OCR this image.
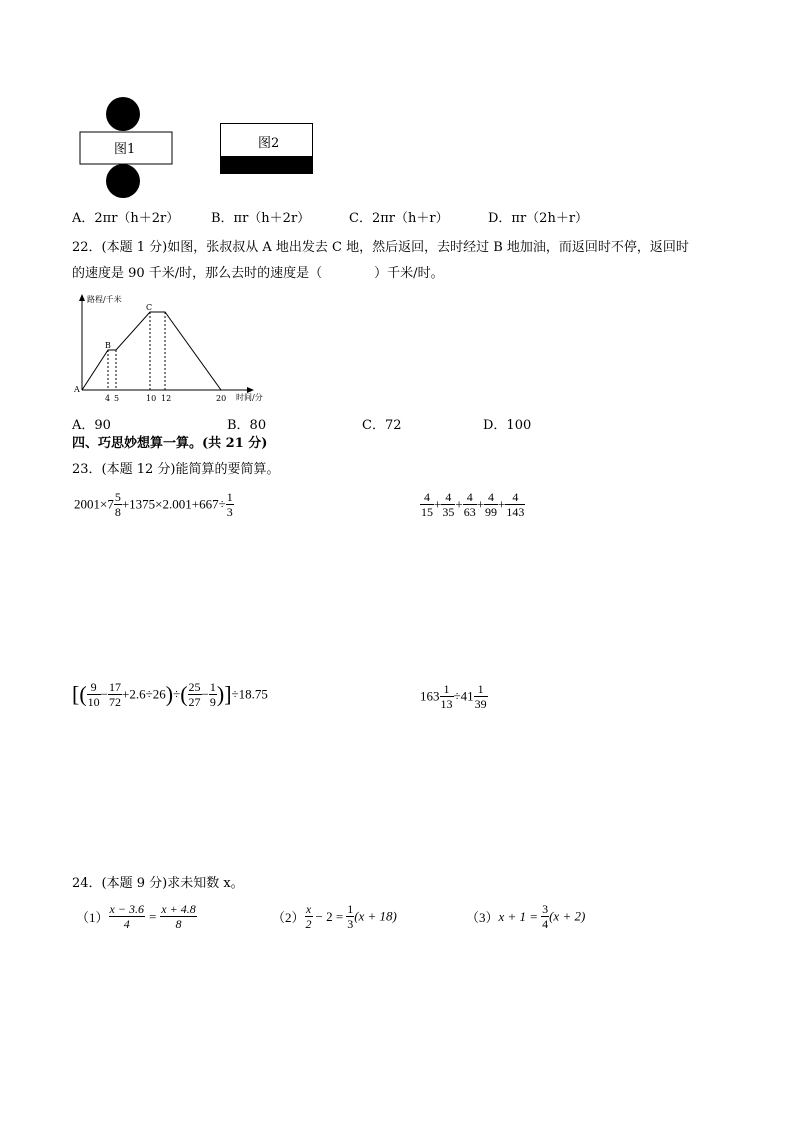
图1	图2
A．2πr（h＋2r） B．πr（h＋2r）	C．2πr（h＋r）	D．πr（2h＋r）
22．(本题 1 分)如图，张叔叔从 A 地出发去 C 地，然后返回，去时经过 B 地加油，而返回时不停，返回时
的速度是 90 千米/时，那么去时的速度是（　　　　）千米/时。
路程/千米
时间/分
A
B
C
4 5	10 12	20
A．90	B．80	C．72	D．100
四、巧思妙想算一算。(共 21 分)
23．(本题 12 分)能简算的要简算。
$2001\times 7 \frac{5}{8} +1375\times 2.001+667\div \frac{1}{3}$	$\frac{4}{15} + \frac{4}{35} + \frac{4}{63} + \frac{4}{99} + \frac{4}{143}$
[( $\frac{9}{10} - \frac{17}{72} +2.6\div 26)\div( \frac{25}{27} - \frac{1}{9} )]\div 18.75$	$163 \frac{1}{13} \div 41 \frac{1}{39}$
24．(本题 9 分)求未知数 x。
$(1) \frac{x - 3.6}{4} = \frac{x + 4.8}{8}$	$(2) \frac{x}{2} - 2 = \frac{1}{3} (x + 18)$	$(3)x + 1 = \frac{3}{4} (x + 2)$
